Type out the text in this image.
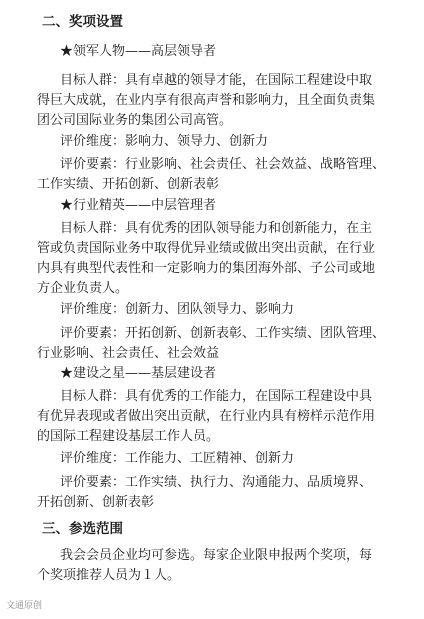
二、奖项设置
★领军人物——高层领导者
目标人群：具有卓越的领导才能，在国际工程建设中取
得巨大成就，在业内享有很高声誉和影响力，且全面负责集
团公司国际业务的集团公司高管。
评价维度：影响力、领导力、创新力
评价要素：行业影响、社会责任、社会效益、战略管理、
工作实绩、开拓创新、创新表彰
★行业精英——中层管理者
目标人群：具有优秀的团队领导能力和创新能力，在主
管或负责国际业务中取得优异业绩或做出突出贡献，在行业
内具有典型代表性和一定影响力的集团海外部、子公司或地
方企业负责人。
评价维度：创新力、团队领导力、影响力
评价要素：开拓创新、创新表彰、工作实绩、团队管理、
行业影响、社会责任、社会效益
★建设之星——基层建设者
目标人群：具有优秀的工作能力，在国际工程建设中具
有优异表现或者做出突出贡献，在行业内具有榜样示范作用
的国际工程建设基层工作人员。
评价维度：工作能力、工匠精神、创新力
评价要素：工作实绩、执行力、沟通能力、品质境界、
开拓创新、创新表彰
三、参选范围
我会会员企业均可参选。每家企业限申报两个奖项，每
个奖项推荐人员为１人。
文通原创
